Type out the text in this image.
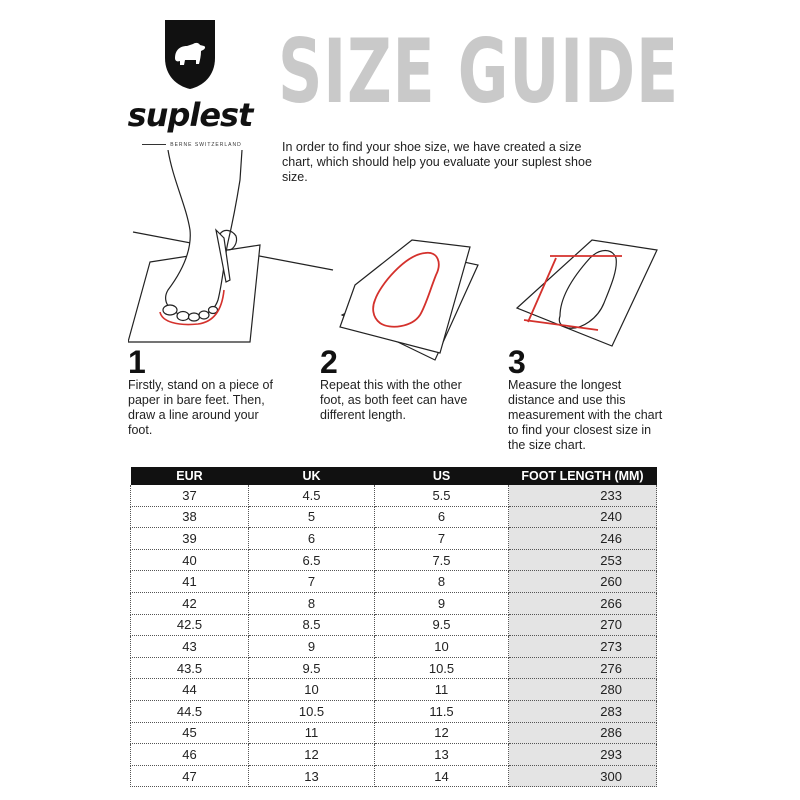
suplest
BERNE SWITZERLAND
SIZE GUIDE
In order to find your shoe size, we have created a size chart, which should help you evaluate your suplest shoe size.
1
Firstly, stand on a piece of paper in bare feet. Then, draw a line around your foot.
2
Repeat this with the other foot, as both feet can have different length.
3
Measure the longest distance and use this measurement with the chart to find your closest size in the size chart.
EUR	UK	US	FOOT LENGTH (MM)
37	4.5	5.5	233
38	5	6	240
39	6	7	246
40	6.5	7.5	253
41	7	8	260
42	8	9	266
42.5	8.5	9.5	270
43	9	10	273
43.5	9.5	10.5	276
44	10	11	280
44.5	10.5	11.5	283
45	11	12	286
46	12	13	293
47	13	14	300
